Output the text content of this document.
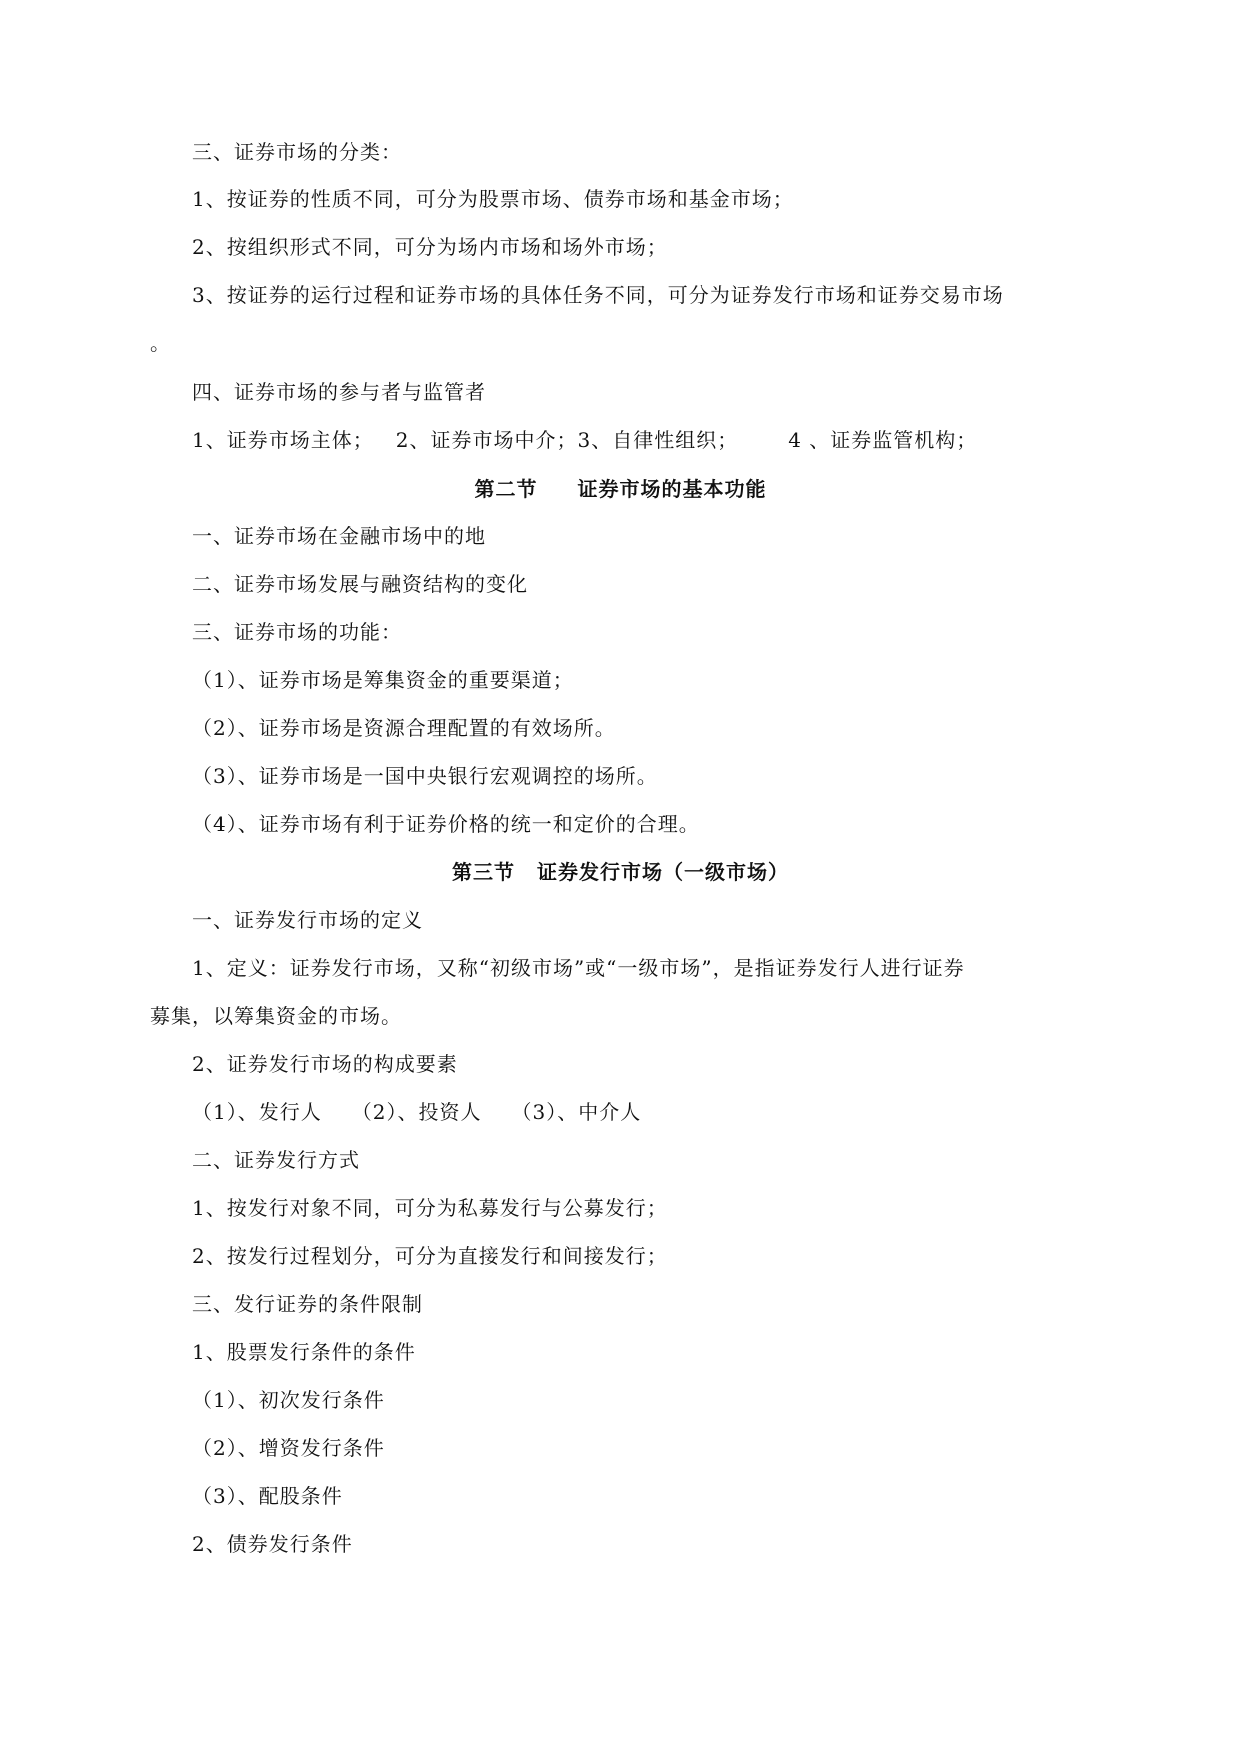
三、证券市场的分类：
1、按证券的性质不同，可分为股票市场、债券市场和基金市场；
2、按组织形式不同，可分为场内市场和场外市场；
3、按证券的运行过程和证券市场的具体任务不同，可分为证券发行市场和证券交易市场
。
四、证券市场的参与者与监管者
1、证券市场主体； 2、证券市场中介；3、自律性组织；	4 、证券监管机构；
第二节 证券市场的基本功能
一、证券市场在金融市场中的地
二、证券市场发展与融资结构的变化
三、证券市场的功能：
（1）、证券市场是筹集资金的重要渠道；
（2）、证券市场是资源合理配置的有效场所。
（3）、证券市场是一国中央银行宏观调控的场所。
（4）、证券市场有利于证券价格的统一和定价的合理。
第三节 证券发行市场（一级市场）
一、证券发行市场的定义
1、定义：证券发行市场，又称“初级市场”或“一级市场”，是指证券发行人进行证券
募集，以筹集资金的市场。
2、证券发行市场的构成要素
（1）、发行人 （2）、投资人 （3）、中介人
二、证券发行方式
1、按发行对象不同，可分为私募发行与公募发行；
2、按发行过程划分，可分为直接发行和间接发行；
三、发行证券的条件限制
1、股票发行条件的条件
（1）、初次发行条件
（2）、增资发行条件
（3）、配股条件
2、债券发行条件
